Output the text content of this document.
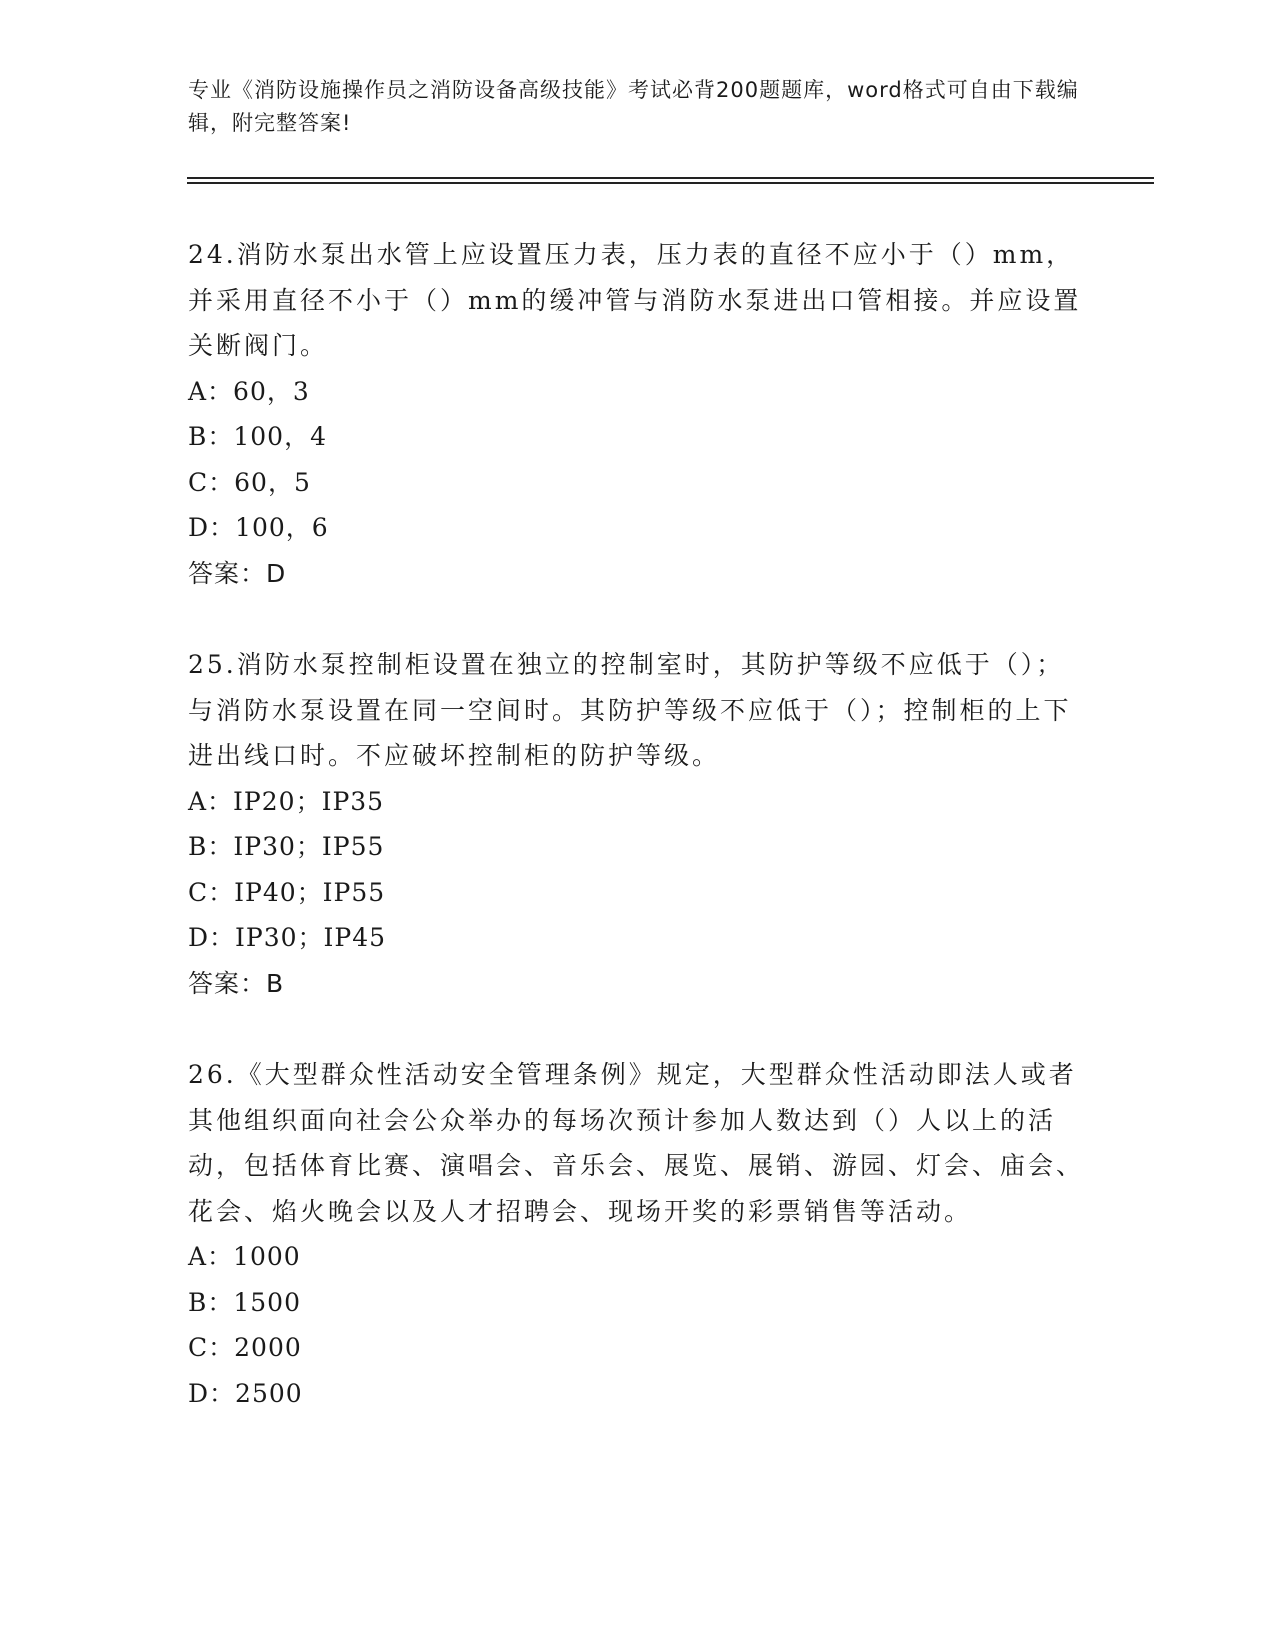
专业《消防设施操作员之消防设备高级技能》考试必背200题题库，word格式可自由下载编辑，附完整答案!

24.消防水泵出水管上应设置压力表，压力表的直径不应小于（）mm，并采用直径不小于（）mm的缓冲管与消防水泵进出口管相接。并应设置关断阀门。

A：60，3

B：100，4

C：60，5

D：100，6

答案：D

25.消防水泵控制柜设置在独立的控制室时，其防护等级不应低于（）；与消防水泵设置在同一空间时。其防护等级不应低于（）；控制柜的上下进出线口时。不应破坏控制柜的防护等级。

A：IP20；IP35

B：IP30；IP55

C：IP40；IP55

D：IP30；IP45

答案：B

26.《大型群众性活动安全管理条例》规定，大型群众性活动即法人或者其他组织面向社会公众举办的每场次预计参加人数达到（）人以上的活动，包括体育比赛、演唱会、音乐会、展览、展销、游园、灯会、庙会、花会、焰火晚会以及人才招聘会、现场开奖的彩票销售等活动。

A：1000

B：1500

C：2000

D：2500
